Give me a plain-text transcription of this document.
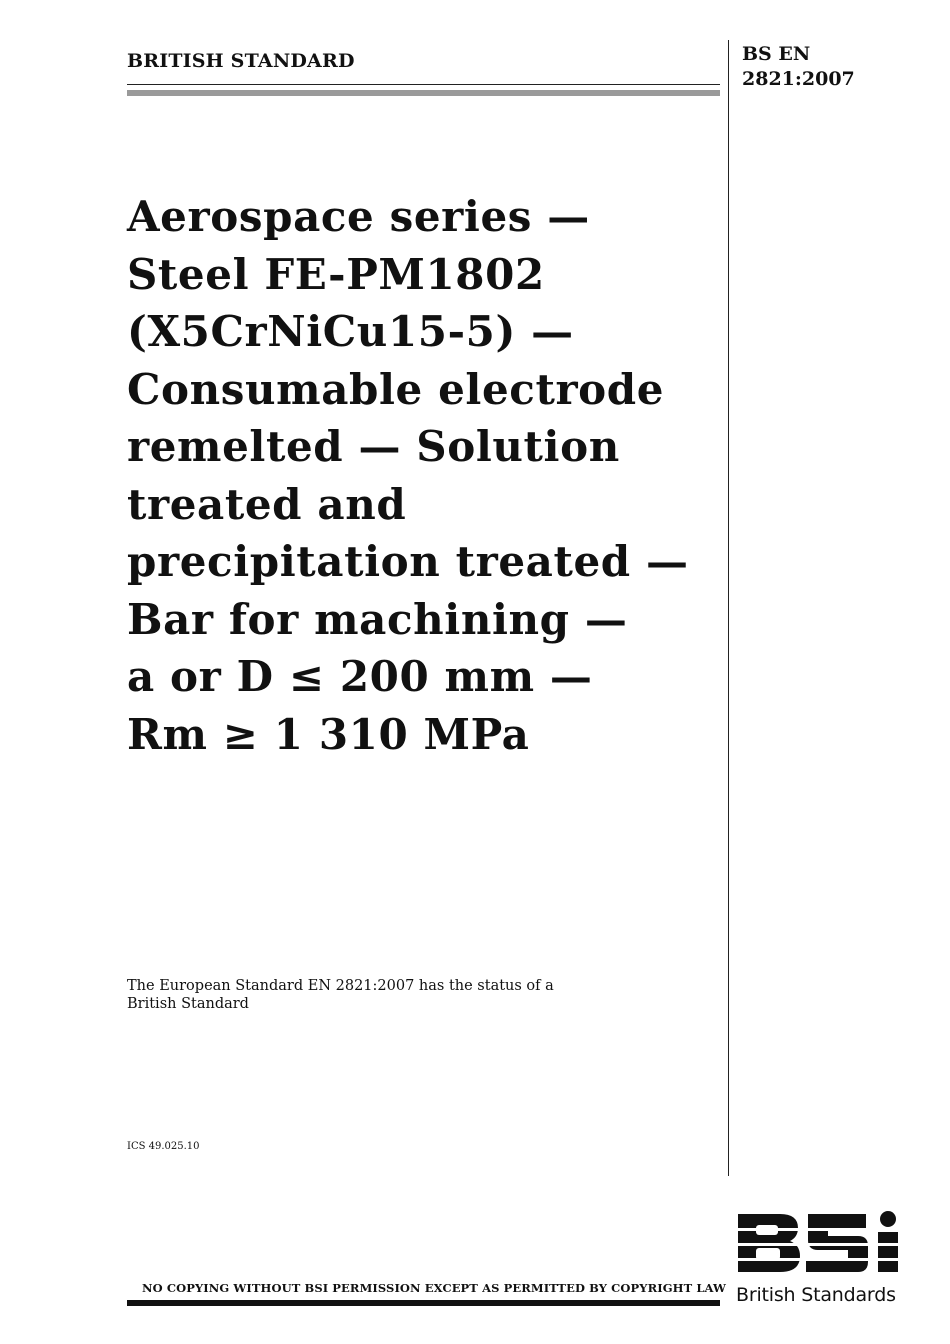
BRITISH STANDARD	BS EN
2821:2007
Aerospace series —
Steel FE-PM1802
(X5CrNiCu15-5) —
Consumable electrode
remelted — Solution
treated and
precipitation treated —
Bar for machining —
a or D ≤ 200 mm —
Rm ≥ 1 310 MPa
The European Standard EN 2821:2007 has the status of a
British Standard
ICS 49.025.10
NO COPYING WITHOUT BSI PERMISSION EXCEPT AS PERMITTED BY COPYRIGHT LAW British Standards
